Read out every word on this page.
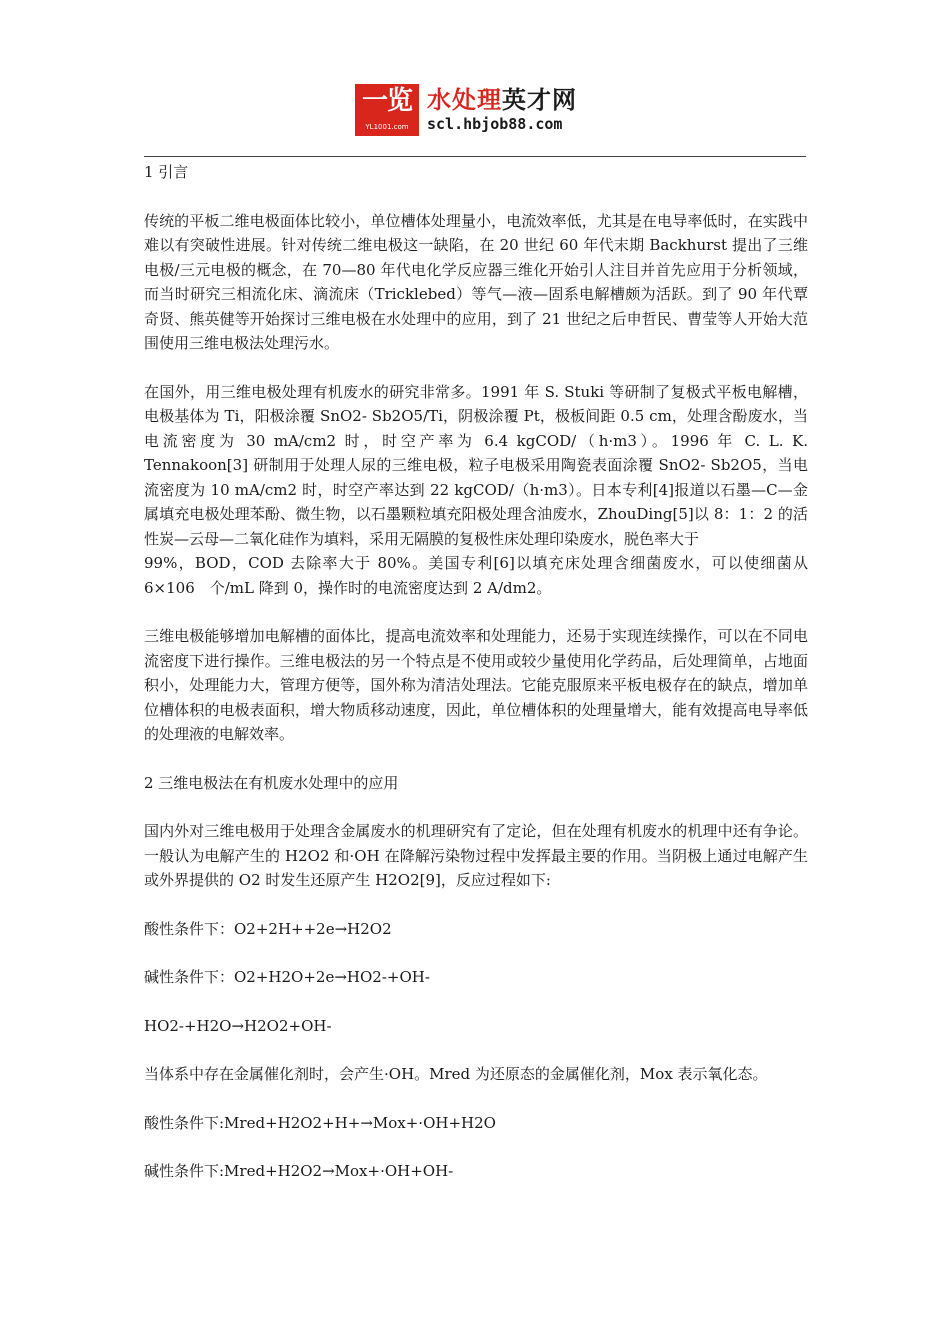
一览
YL1001.com
水处理英才网
scl.hbjob88.com

1 引言

传统的平板二维电极面体比较小，单位槽体处理量小，电流效率低，尤其是在电导率低时，在实践中难以有突破性进展。针对传统二维电极这一缺陷，在 20 世纪 60 年代末期 Backhurst 提出了三维电极/三元电极的概念，在 70—80 年代电化学反应器三维化开始引人注目并首先应用于分析领域，而当时研究三相流化床、滴流床（Tricklebed）等气—液—固系电解槽颇为活跃。到了 90 年代覃奇贤、熊英健等开始探讨三维电极在水处理中的应用，到了 21 世纪之后申哲民、曹莹等人开始大范围使用三维电极法处理污水。

在国外，用三维电极处理有机废水的研究非常多。1991 年 S. Stuki 等研制了复极式平板电解槽，电极基体为 Ti，阳极涂覆 SnO2- Sb2O5/Ti，阴极涂覆 Pt，极板间距 0.5 cm，处理含酚废水，当电流密度为 30 mA/cm2 时，时空产率为 6.4 kgCOD/（h·m3）。1996 年 C. L. K. Tennakoon[3] 研制用于处理人尿的三维电极，粒子电极采用陶瓷表面涂覆 SnO2- Sb2O5，当电流密度为 10 mA/cm2 时，时空产率达到 22 kgCOD/（h·m3）。日本专利[4]报道以石墨—C—金属填充电极处理苯酚、微生物，以石墨颗粒填充阳极处理含油废水，ZhouDing[5]以 8：1：2 的活性炭—云母—二氧化硅作为填料，采用无隔膜的复极性床处理印染废水，脱色率大于

99%，BOD，COD 去除率大于 80%。美国专利[6]以填充床处理含细菌废水，可以使细菌从 6×106　个/mL 降到 0，操作时的电流密度达到 2 A/dm2。

三维电极能够增加电解槽的面体比，提高电流效率和处理能力，还易于实现连续操作，可以在不同电流密度下进行操作。三维电极法的另一个特点是不使用或较少量使用化学药品，后处理简单，占地面积小，处理能力大，管理方便等，国外称为清洁处理法。它能克服原来平板电极存在的缺点，增加单位槽体积的电极表面积，增大物质移动速度，因此，单位槽体积的处理量增大，能有效提高电导率低的处理液的电解效率。

2 三维电极法在有机废水处理中的应用

国内外对三维电极用于处理含金属废水的机理研究有了定论，但在处理有机废水的机理中还有争论。一般认为电解产生的 H2O2 和·OH 在降解污染物过程中发挥最主要的作用。当阴极上通过电解产生或外界提供的 O2 时发生还原产生 H2O2[9]，反应过程如下:

酸性条件下：O2+2H++2e→H2O2

碱性条件下：O2+H2O+2e→HO2-+OH-

HO2-+H2O→H2O2+OH-

当体系中存在金属催化剂时，会产生·OH。Mred 为还原态的金属催化剂，Mox 表示氧化态。

酸性条件下:Mred+H2O2+H+→Mox+·OH+H2O

碱性条件下:Mred+H2O2→Mox+·OH+OH-
